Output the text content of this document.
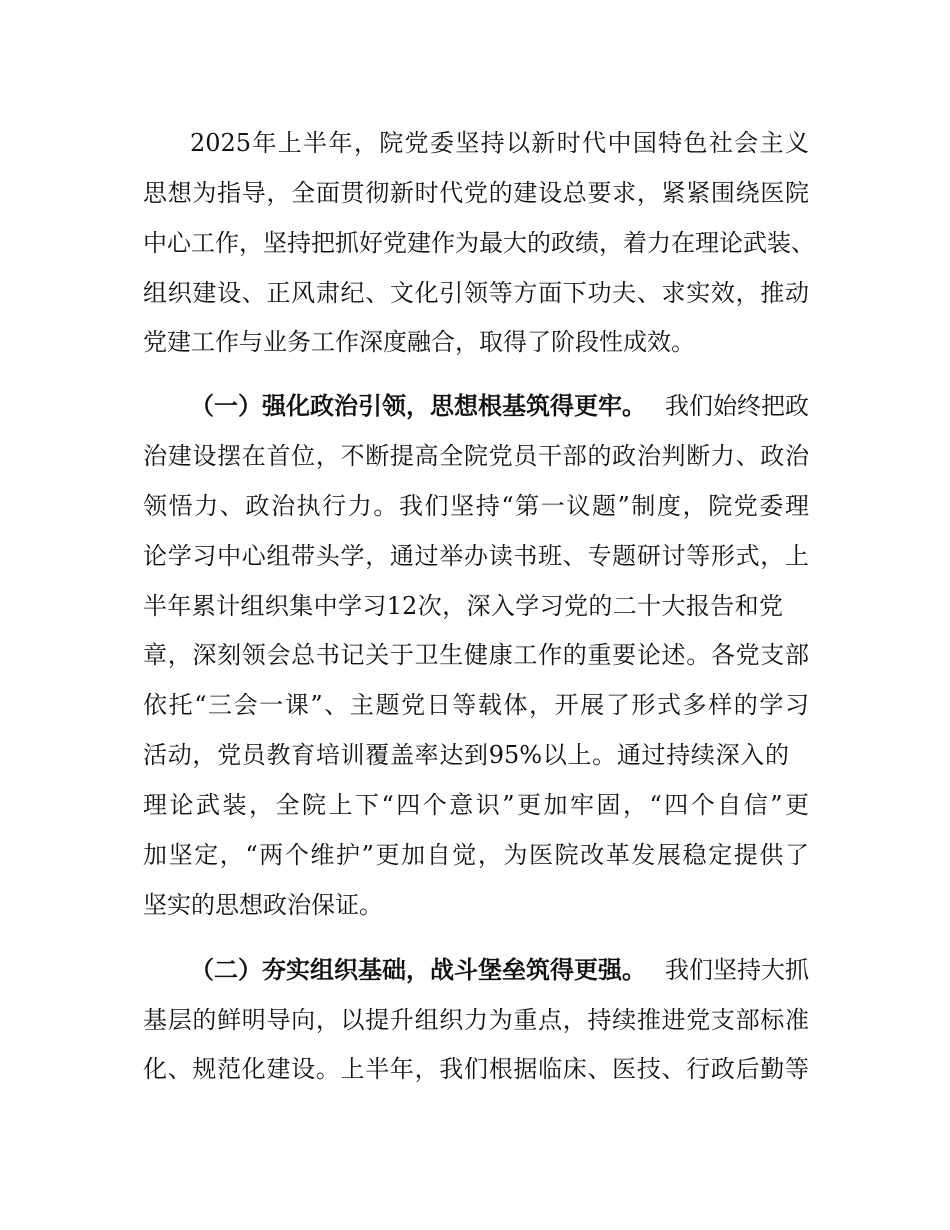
2025年上半年，院党委坚持以新时代中国特色社会主义
思想为指导，全面贯彻新时代党的建设总要求，紧紧围绕医院
中心工作，坚持把抓好党建作为最大的政绩，着力在理论武装、
组织建设、正风肃纪、文化引领等方面下功夫、求实效，推动
党建工作与业务工作深度融合，取得了阶段性成效。
（一）强化政治引领，思想根基筑得更牢。 我们始终把政
治建设摆在首位，不断提高全院党员干部的政治判断力、政治
领悟力、政治执行力。我们坚持“第一议题”制度，院党委理
论学习中心组带头学，通过举办读书班、专题研讨等形式，上
半年累计组织集中学习12次，深入学习党的二十大报告和党
章，深刻领会总书记关于卫生健康工作的重要论述。各党支部
依托“三会一课”、主题党日等载体，开展了形式多样的学习
活动，党员教育培训覆盖率达到95%以上。通过持续深入的
理论武装，全院上下“四个意识”更加牢固，“四个自信”更
加坚定，“两个维护”更加自觉，为医院改革发展稳定提供了
坚实的思想政治保证。
（二）夯实组织基础，战斗堡垒筑得更强。 我们坚持大抓
基层的鲜明导向，以提升组织力为重点，持续推进党支部标准
化、规范化建设。上半年，我们根据临床、医技、行政后勤等
